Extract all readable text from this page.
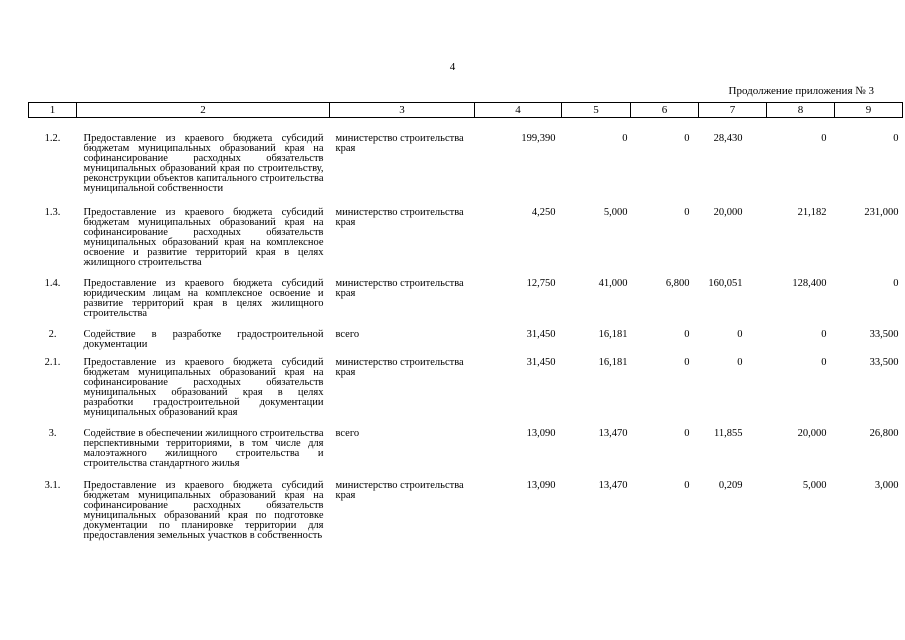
4
Продолжение приложения № 3
1	2	3	4	5	6	7	8	9
1.2.	Предоставление из краевого бюджета субсидий бюджетам муниципальных образований края на софинансирование расходных обязательств муниципальных образований края по строительству, реконструкции объектов капитального строительства муниципальной собственности	министерство строительства края	199,390	0	0	28,430	0	0
1.3.	Предоставление из краевого бюджета субсидий бюджетам муниципальных образований края на софинансирование расходных обязательств муниципальных образований края на комплексное освоение и развитие территорий края в целях жилищного строительства	министерство строительства края	4,250	5,000	0	20,000	21,182	231,000
1.4.	Предоставление из краевого бюджета субсидий юридическим лицам на комплексное освоение и развитие территорий края в целях жилищного строительства	министерство строительства края	12,750	41,000	6,800	160,051	128,400	0
2.	Содействие в разработке градостроительной документации	всего	31,450	16,181	0	0	0	33,500
2.1.	Предоставление из краевого бюджета субсидий бюджетам муниципальных образований края на софинансирование расходных обязательств муниципальных образований края в целях разработки градостроительной документации муниципальных образований края	министерство строительства края	31,450	16,181	0	0	0	33,500
3.	Содействие в обеспечении жилищного строительства перспективными территориями, в том числе для малоэтажного жилищного строительства и строительства стандартного жилья	всего	13,090	13,470	0	11,855	20,000	26,800
3.1.	Предоставление из краевого бюджета субсидий бюджетам муниципальных образований края на софинансирование расходных обязательств муниципальных образований края по подготовке документации по планировке территории для предоставления земельных участков в собственность	министерство строительства края	13,090	13,470	0	0,209	5,000	3,000
